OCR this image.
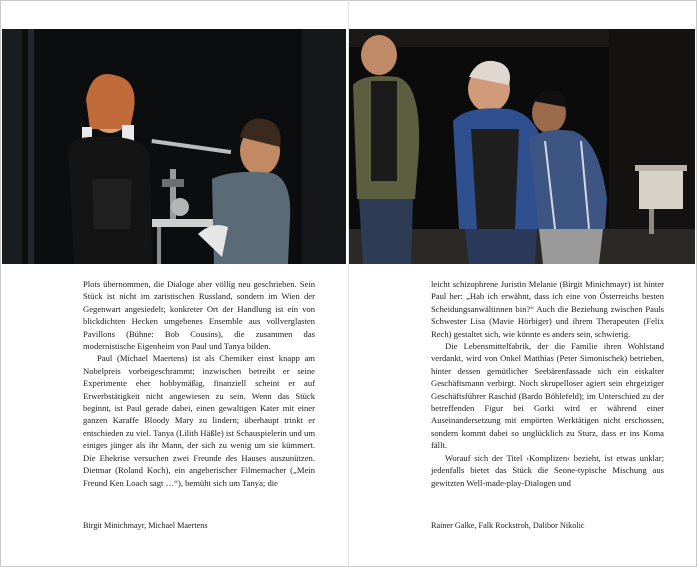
Plots übernommen, die Dialoge aber völlig neu geschrieben. Sein Stück ist nicht im zaristischen Russland, sondern im Wien der Gegenwart angesiedelt; konkreter Ort der Handlung ist ein von blickdichten Hecken umgebenes Ensemble aus vollverglasten Pavillons (Bühne: Bob Cousins), die zusammen das modernistische Eigenheim von Paul und Tanya bilden.

Paul (Michael Maertens) ist als Chemiker einst knapp am Nobelpreis vorbeigeschrammt; inzwischen betreibt er seine Experimente eher hobbymäßig, finanziell scheint er auf Erwerbstätigkeit nicht angewiesen zu sein. Wenn das Stück beginnt, ist Paul gerade dabei, einen gewaltigen Kater mit einer ganzen Karaffe Bloody Mary zu lindern; überhaupt trinkt er entschieden zu viel. Tanya (Lilith Häßle) ist Schauspielerin und um einiges jünger als ihr Mann, der sich zu wenig um sie kümmert. Die Ehekrise versuchen zwei Freunde des Hauses auszunützen. Dietmar (Roland Koch), ein angeberischer Filmemacher („Mein Freund Ken Loach sagt …“), bemüht sich um Tanya; die

Birgit Minichmayr, Michael Maertens

leicht schizophrene Juristin Melanie (Birgit Minichmayr) ist hinter Paul her: „Hab ich erwähnt, dass ich eine von Österreichs besten Scheidungsanwältinnen bin?“ Auch die Beziehung zwischen Pauls Schwester Lisa (Mavie Hörbiger) und ihrem Therapeuten (Felix Rech) gestaltet sich, wie könnte es anders sein, schwierig.

Die Lebensmittelfabrik, der die Familie ihren Wohlstand verdankt, wird von Onkel Matthias (Peter Simonischek) betrieben, hinter dessen gemütlicher Seebärenfassade sich ein eiskalter Geschäftsmann verbirgt. Noch skrupelloser agiert sein ehrgeiziger Geschäftsführer Raschid (Bardo Böhlefeld); im Unterschied zu der betreffenden Figur bei Gorki wird er während einer Auseinandersetzung mit empörten Werktätigen nicht erschossen, sondern kommt dabei so unglücklich zu Sturz, dass er ins Koma fällt.

Worauf sich der Titel ›Komplizen‹ bezieht, ist etwas unklar; jedenfalls bietet das Stück die Seone-typische Mischung aus gewitzten Well-made-play-Dialogen und

Rainer Galke, Falk Rockstroh, Dalibor Nikolic
